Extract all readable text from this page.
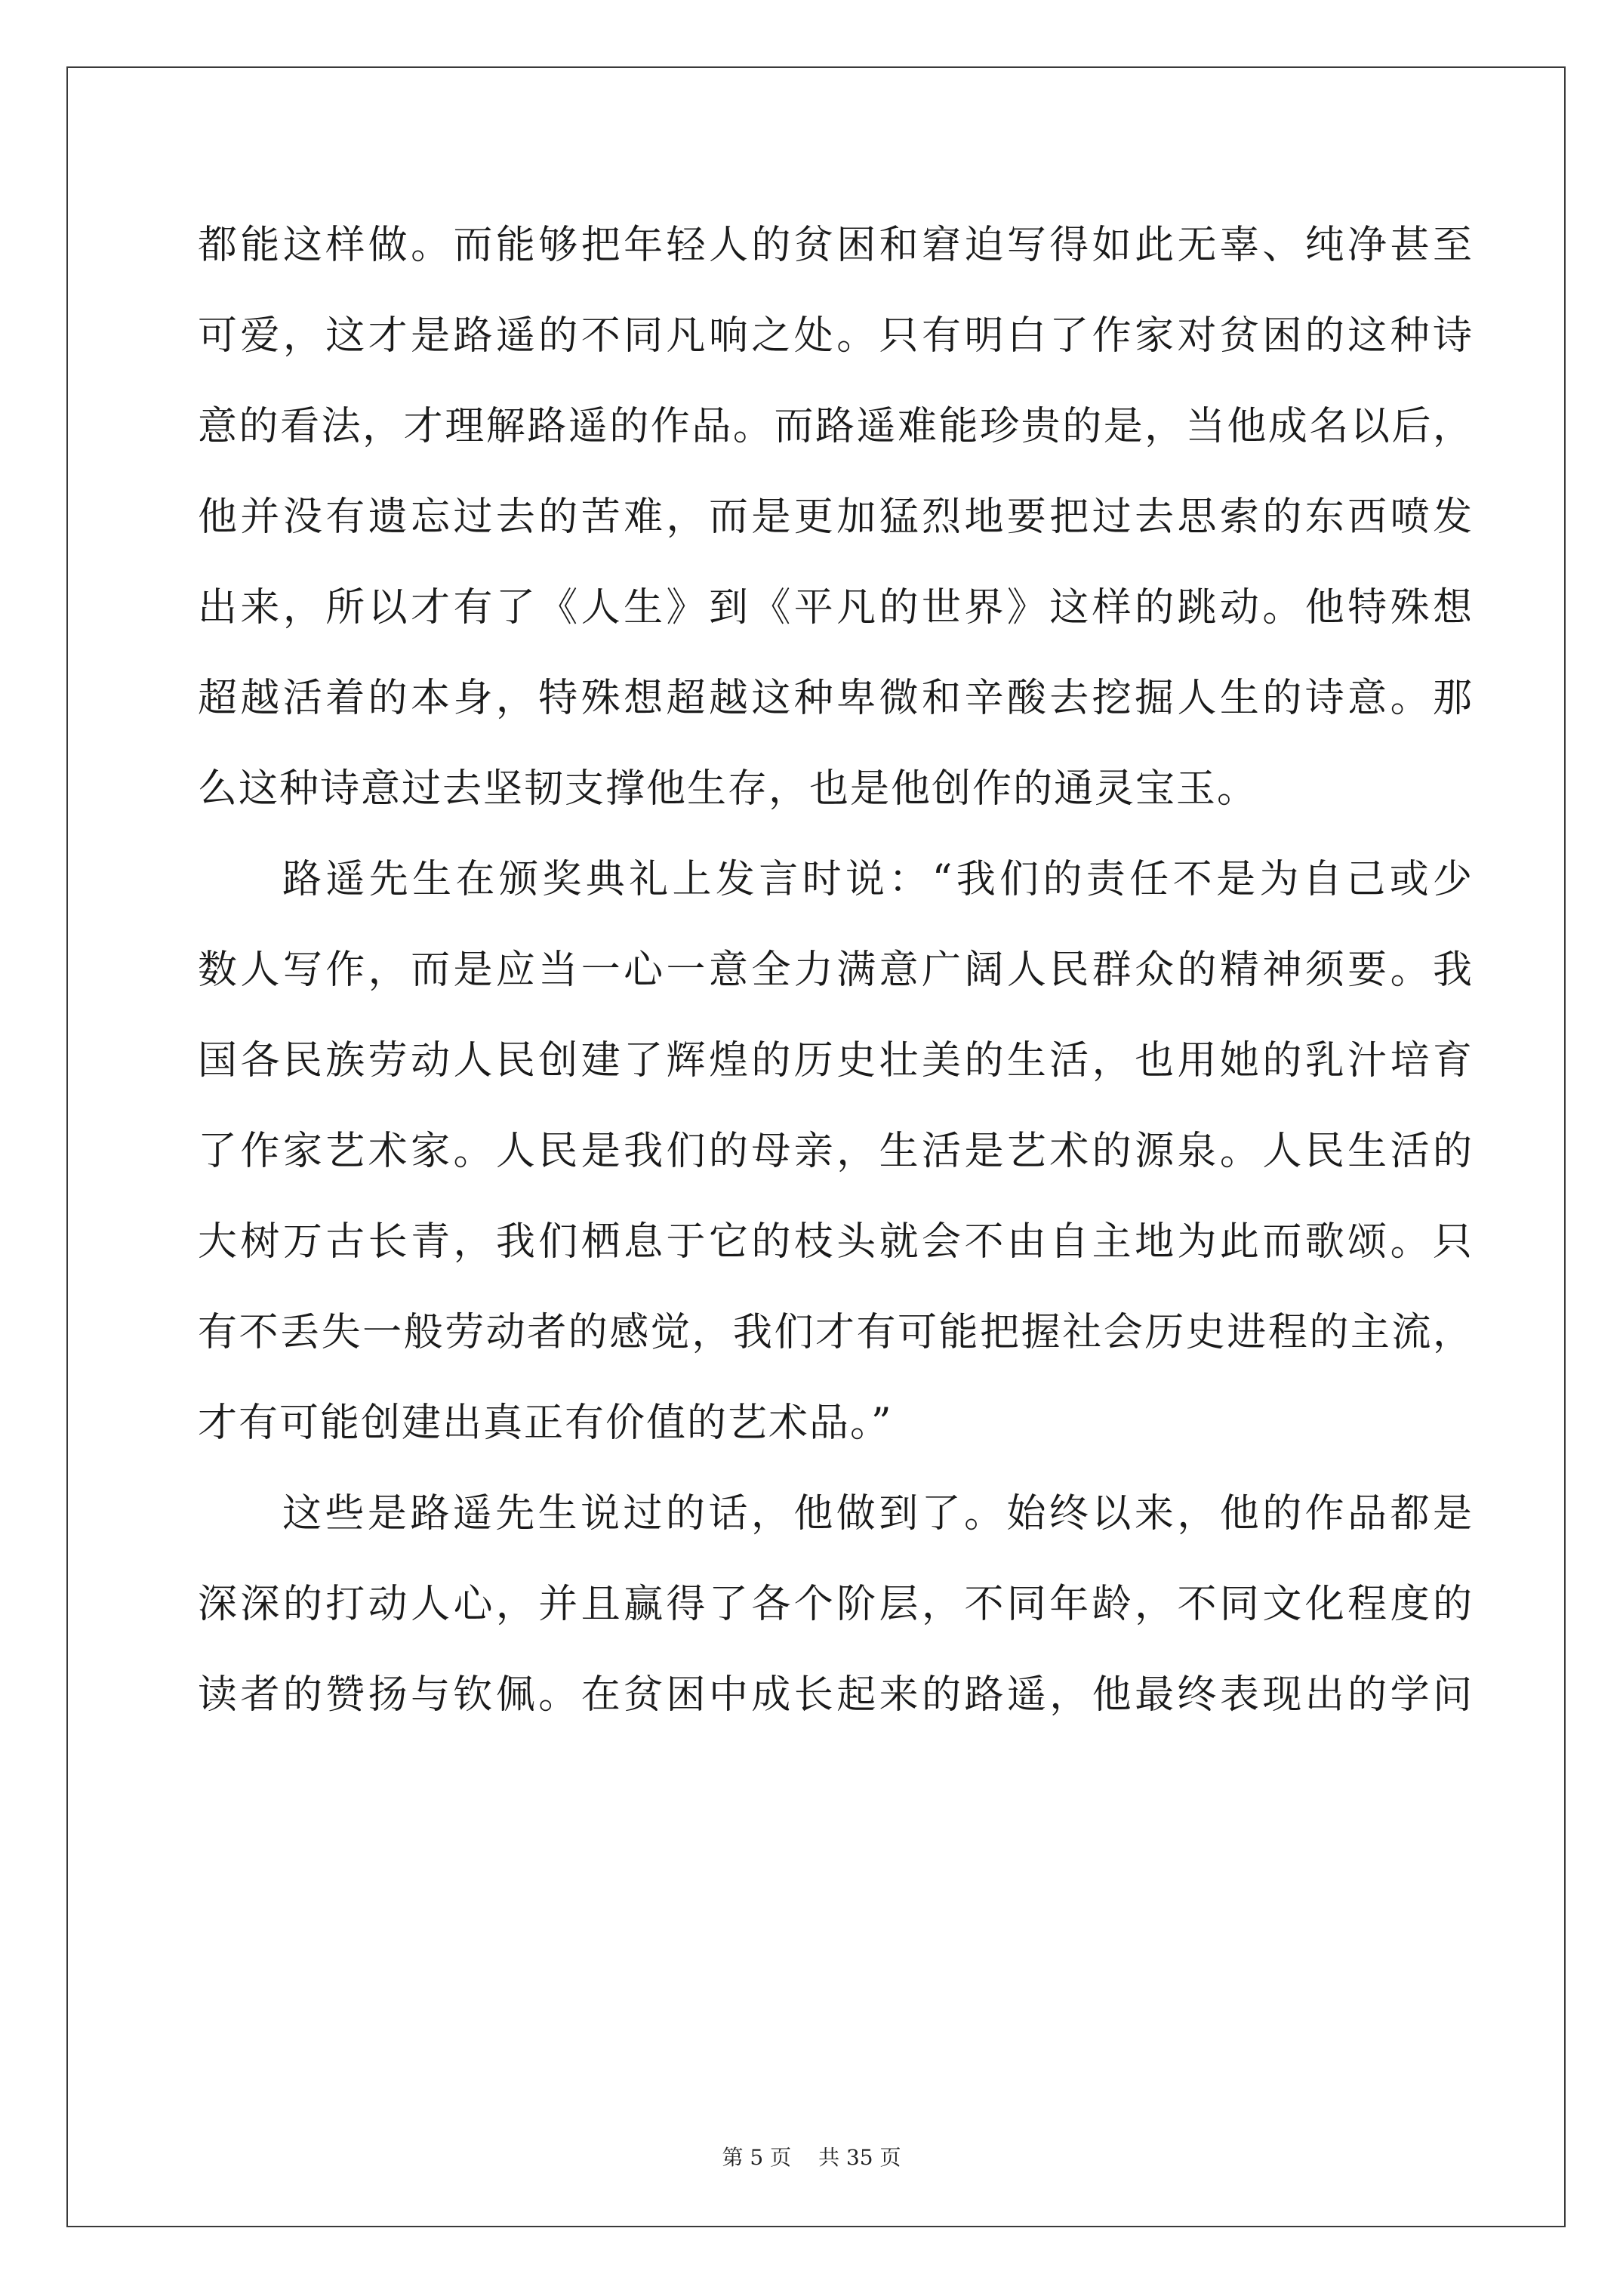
都能这样做。而能够把年轻人的贫困和窘迫写得如此无辜、纯净甚至
可爱，这才是路遥的不同凡响之处。只有明白了作家对贫困的这种诗
意的看法，才理解路遥的作品。而路遥难能珍贵的是，当他成名以后，
他并没有遗忘过去的苦难，而是更加猛烈地要把过去思索的东西喷发
出来，所以才有了《人生》到《平凡的世界》这样的跳动。他特殊想
超越活着的本身，特殊想超越这种卑微和辛酸去挖掘人生的诗意。那
么这种诗意过去坚韧支撑他生存，也是他创作的通灵宝玉。
路遥先生在颁奖典礼上发言时说：“我们的责任不是为自己或少
数人写作，而是应当一心一意全力满意广阔人民群众的精神须要。我
国各民族劳动人民创建了辉煌的历史壮美的生活，也用她的乳汁培育
了作家艺术家。人民是我们的母亲，生活是艺术的源泉。人民生活的
大树万古长青，我们栖息于它的枝头就会不由自主地为此而歌颂。只
有不丢失一般劳动者的感觉，我们才有可能把握社会历史进程的主流，
才有可能创建出真正有价值的艺术品。”
这些是路遥先生说过的话，他做到了。始终以来，他的作品都是
深深的打动人心，并且赢得了各个阶层，不同年龄，不同文化程度的
读者的赞扬与钦佩。在贫困中成长起来的路遥，他最终表现出的学问
第 5 页 共 35 页
